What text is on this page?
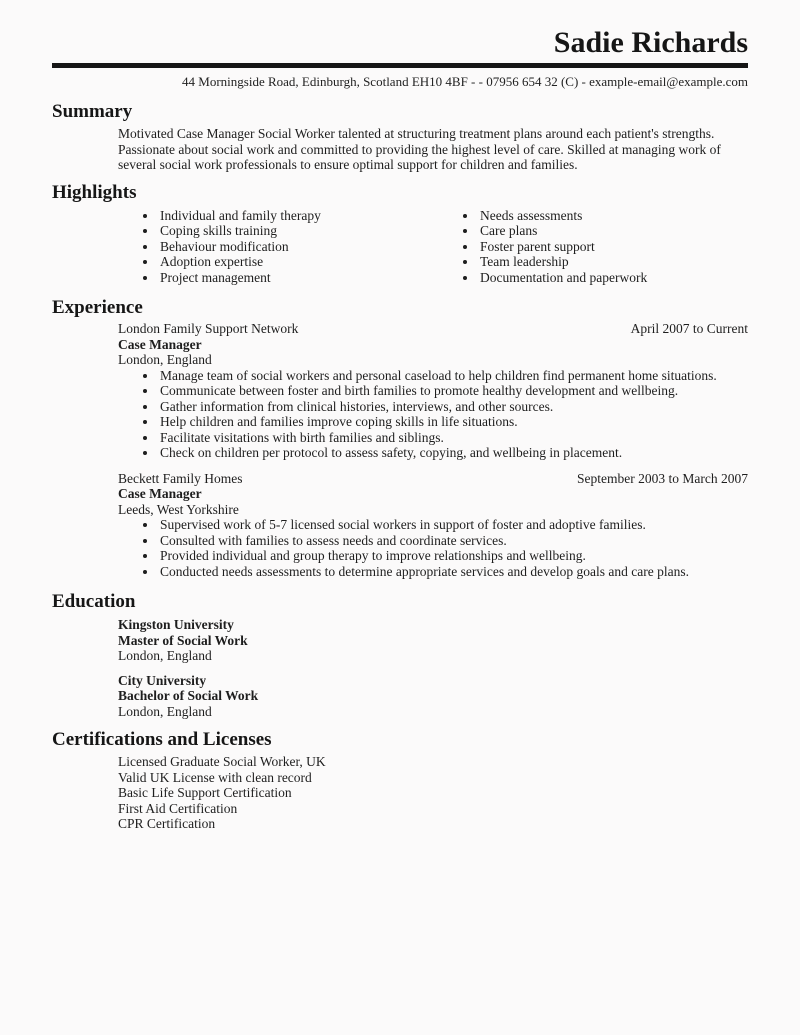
Sadie Richards
44 Morningside Road, Edinburgh, Scotland EH10 4BF - - 07956 654 32 (C) - example-email@example.com
Summary

Motivated Case Manager Social Worker talented at structuring treatment plans around each patient's strengths. Passionate about social work and committed to providing the highest level of care. Skilled at managing work of several social work professionals to ensure optimal support for children and families.

Highlights
• Individual and family therapy
• Coping skills training
• Behaviour modification
• Adoption expertise
• Project management
• Needs assessments
• Care plans
• Foster parent support
• Team leadership
• Documentation and paperwork
Experience
London Family Support Network	April 2007 to Current
Case Manager
London, England
• Manage team of social workers and personal caseload to help children find permanent home situations.
• Communicate between foster and birth families to promote healthy development and wellbeing.
• Gather information from clinical histories, interviews, and other sources.
• Help children and families improve coping skills in life situations.
• Facilitate visitations with birth families and siblings.
• Check on children per protocol to assess safety, copying, and wellbeing in placement.
Beckett Family Homes	September 2003 to March 2007
Case Manager
Leeds, West Yorkshire
• Supervised work of 5-7 licensed social workers in support of foster and adoptive families.
• Consulted with families to assess needs and coordinate services.
• Provided individual and group therapy to improve relationships and wellbeing.
• Conducted needs assessments to determine appropriate services and develop goals and care plans.
Education
Kingston University
Master of Social Work
London, England
City University
Bachelor of Social Work
London, England
Certifications and Licenses
Licensed Graduate Social Worker, UK
Valid UK License with clean record
Basic Life Support Certification
First Aid Certification
CPR Certification
